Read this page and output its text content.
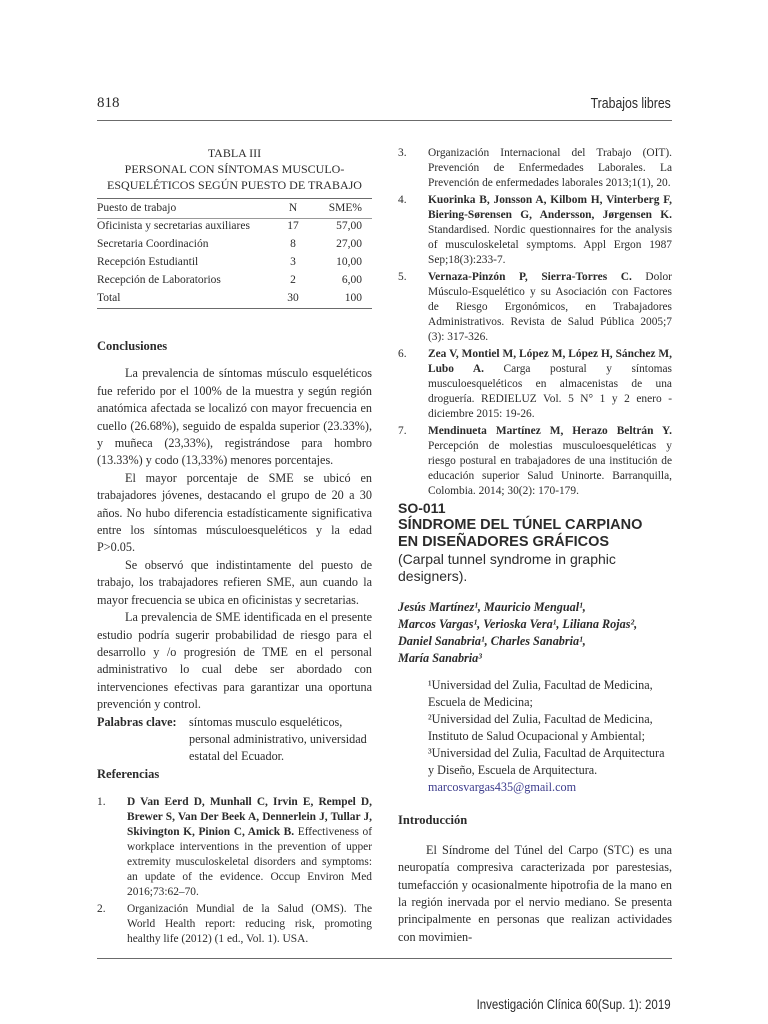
818	Trabajos libres
TABLA III
PERSONAL CON SÍNTOMAS MUSCULO-
ESQUELÉTICOS SEGÚN PUESTO DE TRABAJO
Puesto de trabajo	N	SME%
Oficinista y secretarias auxiliares	17	57,00
Secretaria Coordinación	8	27,00
Recepción Estudiantil	3	10,00
Recepción de Laboratorios	2	6,00
Total	30	100
Conclusiones
La prevalencia de síntomas músculo esqueléticos fue referido por el 100% de la muestra y según región anatómica afectada se localizó con mayor frecuencia en cuello (26.68%), seguido de espalda superior (23.33%), y muñeca (23,33%), registrándose para hombro (13.33%) y codo (13,33%) menores porcentajes.
El mayor porcentaje de SME se ubicó en trabajadores jóvenes, destacando el grupo de 20 a 30 años. No hubo diferencia estadísticamente significativa entre los síntomas músculoesqueléticos y la edad P>0.05.
Se observó que indistintamente del puesto de trabajo, los trabajadores refieren SME, aun cuando la mayor frecuencia se ubica en oficinistas y secretarias.
La prevalencia de SME identificada en el presente estudio podría sugerir probabilidad de riesgo para el desarrollo y /o progresión de TME en el personal administrativo lo cual debe ser abordado con intervenciones efectivas para garantizar una oportuna prevención y control.
Palabras clave: síntomas musculo esqueléticos, personal administrativo, universidad estatal del Ecuador.
Referencias
1. D Van Eerd D, Munhall C, Irvin E, Rempel D, Brewer S, Van Der Beek A, Dennerlein J, Tullar J, Skivington K, Pinion C, Amick B. Effectiveness of workplace interventions in the prevention of upper extremity musculoskeletal disorders and symptoms: an update of the evidence. Occup Environ Med 2016;73:62–70.
2. Organización Mundial de la Salud (OMS). The World Health report: reducing risk, promoting healthy life (2012) (1 ed., Vol. 1). USA.
3. Organización Internacional del Trabajo (OIT). Prevención de Enfermedades Laborales. La Prevención de enfermedades laborales 2013;1(1), 20.
4. Kuorinka B, Jonsson A, Kilbom H, Vinterberg F, Biering-Sørensen G, Andersson, Jørgensen K. Standardised. Nordic questionnaires for the analysis of musculoskeletal symptoms. Appl Ergon 1987 Sep;18(3):233-7.
5. Vernaza-Pinzón P, Sierra-Torres C. Dolor Músculo-Esquelético y su Asociación con Factores de Riesgo Ergonómicos, en Trabajadores Administrativos. Revista de Salud Pública 2005;7 (3): 317-326.
6. Zea V, Montiel M, López M, López H, Sánchez M, Lubo A. Carga postural y síntomas musculoesqueléticos en almacenistas de una droguería. REDIELUZ Vol. 5 N° 1 y 2 enero - diciembre 2015: 19-26.
7. Mendinueta Martínez M, Herazo Beltrán Y. Percepción de molestias musculoesqueléticas y riesgo postural en trabajadores de una institución de educación superior Salud Uninorte. Barranquilla, Colombia. 2014; 30(2): 170-179.
SO-011
SÍNDROME DEL TÚNEL CARPIANO
EN DISEÑADORES GRÁFICOS
(Carpal tunnel syndrome in graphic designers).
Jesús Martínez¹, Mauricio Mengual¹,
Marcos Vargas¹, Verioska Vera¹, Liliana Rojas²,
Daniel Sanabria¹, Charles Sanabria¹,
María Sanabria³
¹Universidad del Zulia, Facultad de Medicina, Escuela de Medicina;
²Universidad del Zulia, Facultad de Medicina, Instituto de Salud Ocupacional y Ambiental; ³Universidad del Zulia, Facultad de Arquitectura y Diseño, Escuela de Arquitectura.
marcosvargas435@gmail.com
Introducción
El Síndrome del Túnel del Carpo (STC) es una neuropatía compresiva caracterizada por parestesias, tumefacción y ocasionalmente hipotrofia de la mano en la región inervada por el nervio mediano. Se presenta principalmente en personas que realizan actividades con movimien-
Investigación Clínica 60(Sup. 1): 2019
